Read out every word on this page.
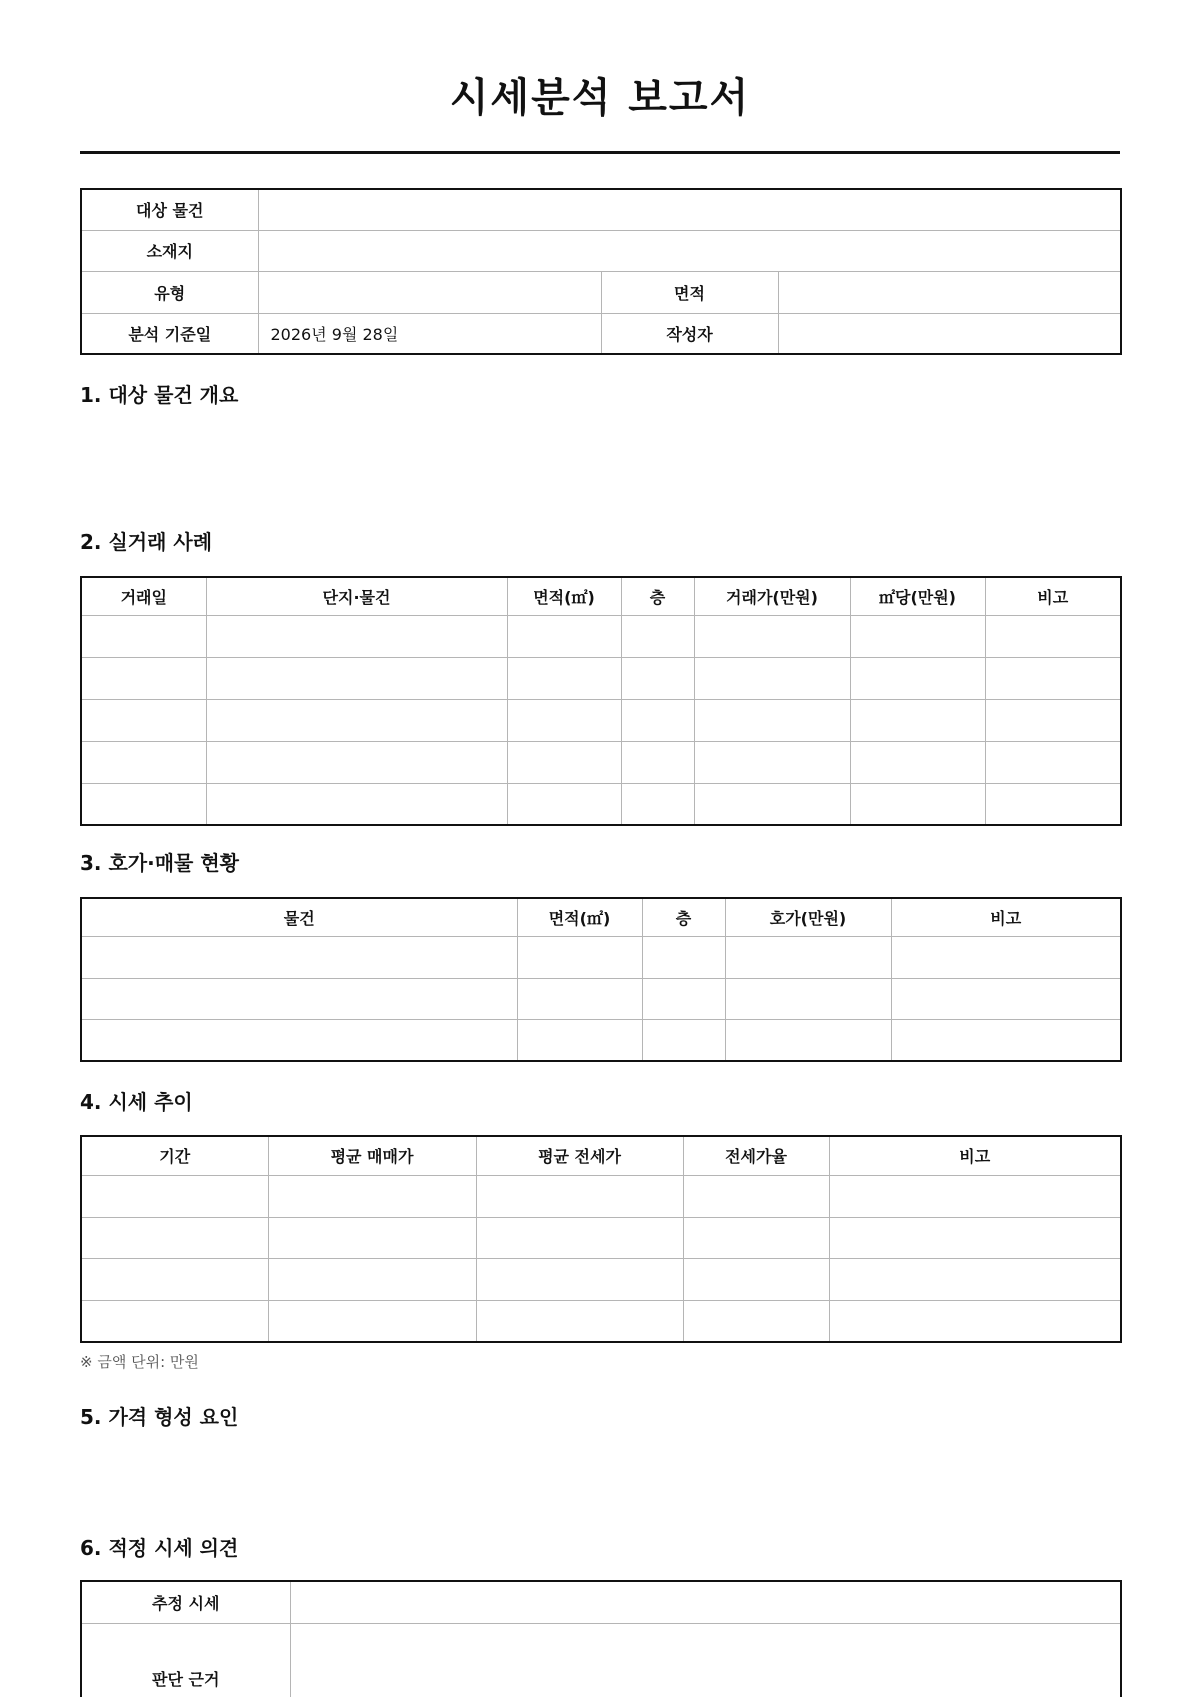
시세분석 보고서
대상 물건			
소재지			
유형		면적	
분석 기준일	2026년 9월 28일	작성자	
1. 대상 물건 개요
2. 실거래 사례
거래일	단지·물건	면적(㎡)	층	거래가(만원)	㎡당(만원)	비고

3. 호가·매물 현황
물건	면적(㎡)	층	호가(만원)	비고

4. 시세 추이
기간	평균 매매가	평균 전세가	전세가율	비고

※ 금액 단위: 만원
5. 가격 형성 요인
6. 적정 시세 의견
추정 시세	
판단 근거	
